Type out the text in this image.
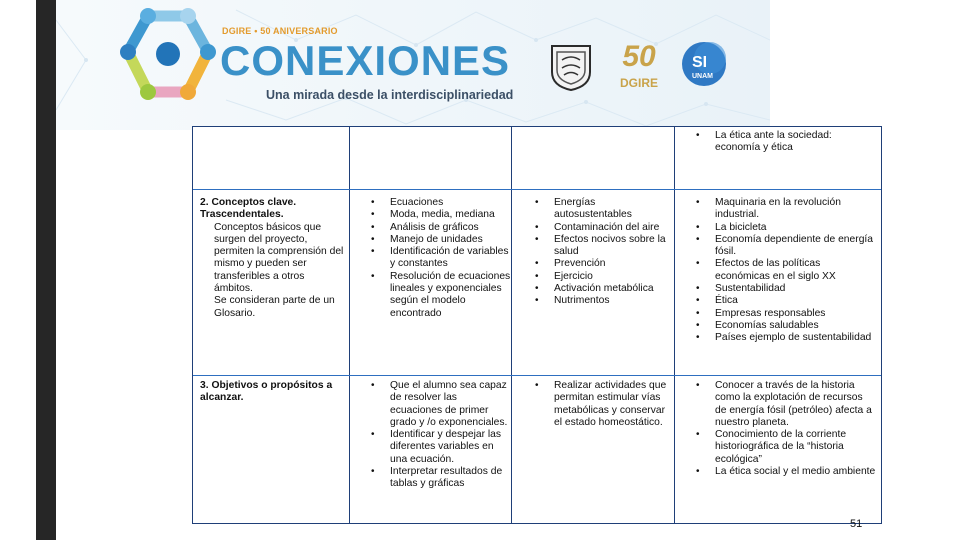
DGIRE • 50 ANIVERSARIO
CONEXIONES
Una mirada desde la interdisciplinariedad
50
DGIRE
SI
UNAM
• La ética ante la sociedad: economía y ética
2. Conceptos clave. Trascendentales.
Conceptos básicos que surgen del proyecto, permiten la comprensión del mismo y pueden ser transferibles a otros ámbitos.
Se consideran parte de un Glosario.
• Ecuaciones
• Moda, media, mediana
• Análisis de gráficos
• Manejo de unidades
• Identificación de variables y constantes
• Resolución de ecuaciones lineales y exponenciales según el modelo encontrado
• Energías autosustentables
• Contaminación del aire
• Efectos nocivos sobre la salud
• Prevención
• Ejercicio
• Activación metabólica
• Nutrimentos
• Maquinaria en la revolución industrial.
• La bicicleta
• Economía dependiente de energía fósil.
• Efectos de las políticas económicas en el siglo XX
• Sustentabilidad
• Ética
• Empresas responsables
• Economías saludables
• Países ejemplo de sustentabilidad
3. Objetivos o propósitos a alcanzar.
• Que el alumno sea capaz de resolver las ecuaciones de primer grado y /o exponenciales.
• Identificar y despejar las diferentes variables en una ecuación.
• Interpretar resultados de tablas y gráficas
• Realizar actividades que permitan estimular vías metabólicas y conservar el estado homeostático.
• Conocer a través de la historia como la explotación de recursos de energía fósil (petróleo) afecta a nuestro planeta.
• Conocimiento de la corriente historiográfica de la “historia ecológica”
• La ética social y el medio ambiente
51
